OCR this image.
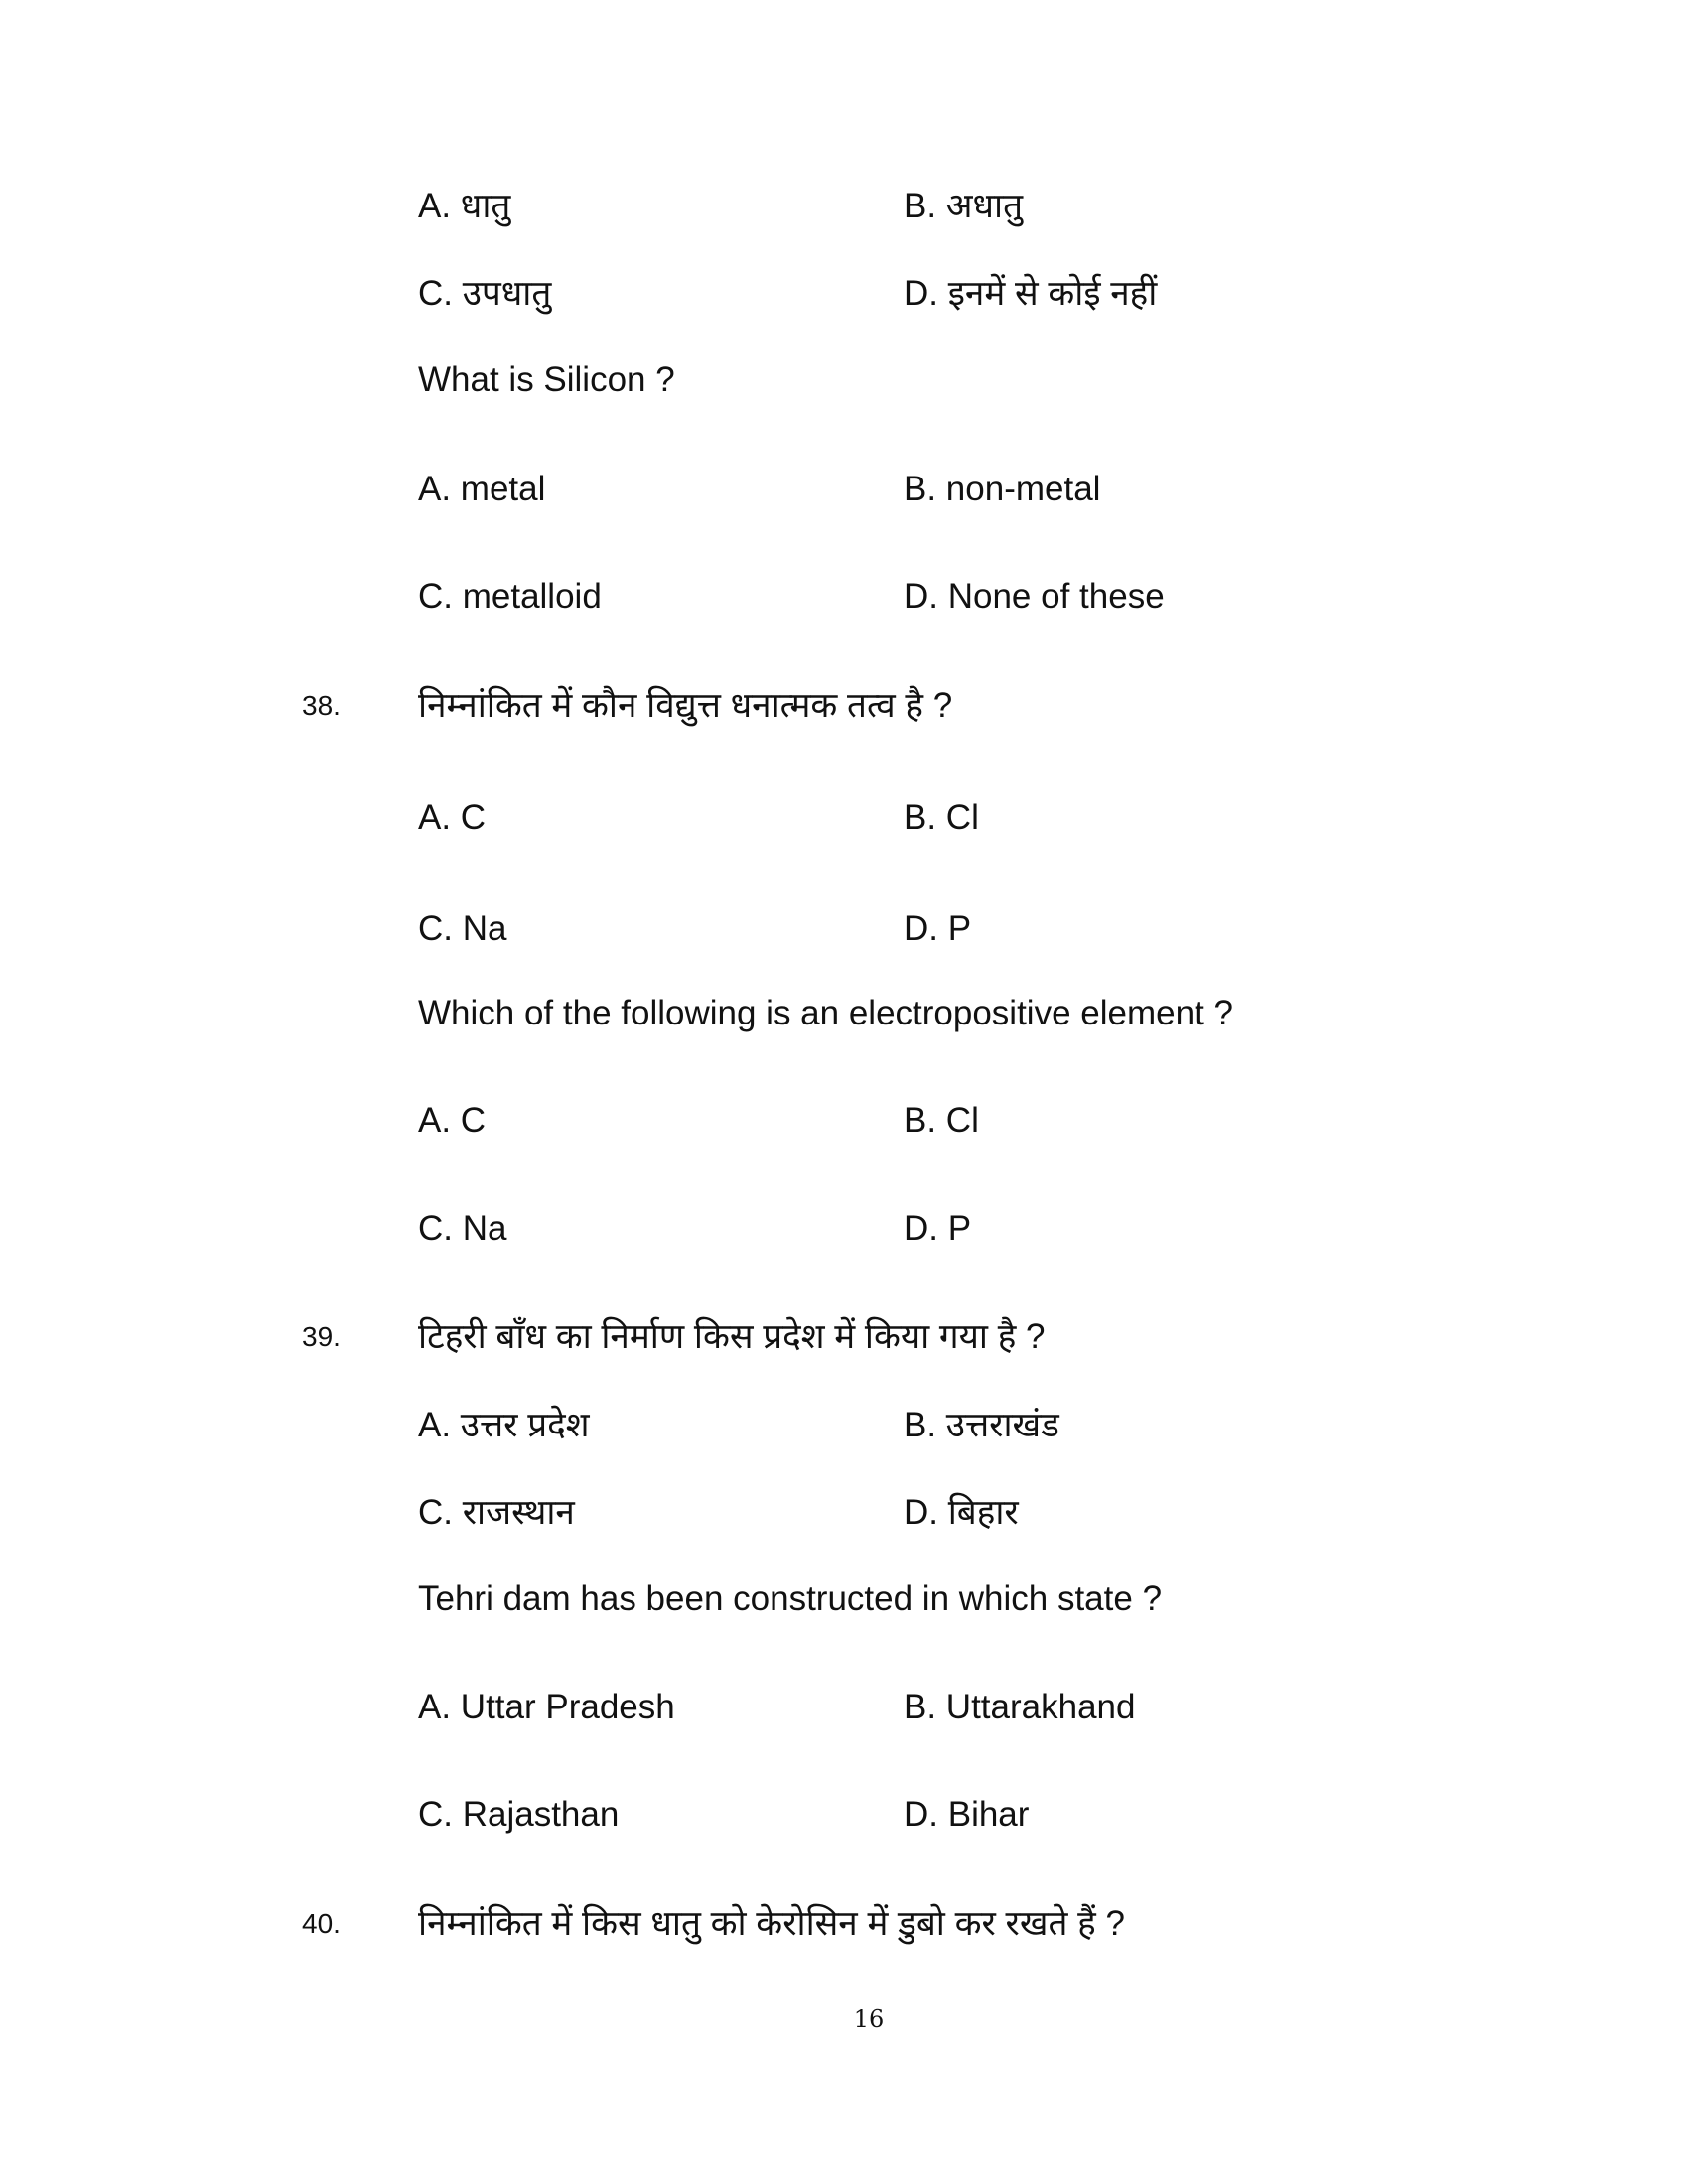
A. धातु	B. अधातु
C. उपधातु	D. इनमें से कोई नहीं
What is Silicon ?
A. metal	B. non-metal
C. metalloid	D. None of these
38. निम्नांकित में कौन विद्युत्त धनात्मक तत्व है ?
A. C	B. Cl
C. Na	D. P
Which of the following is an electropositive element ?
A. C	B. Cl
C. Na	D. P
39. टिहरी बाँध का निर्माण किस प्रदेश में किया गया है ?
A. उत्तर प्रदेश	B. उत्तराखंड
C. राजस्थान	D. बिहार
Tehri dam has been constructed in which state ?
A. Uttar Pradesh	B. Uttarakhand
C. Rajasthan	D. Bihar
40. निम्नांकित में किस धातु को केरोसिन में डुबो कर रखते हैं ?
16
